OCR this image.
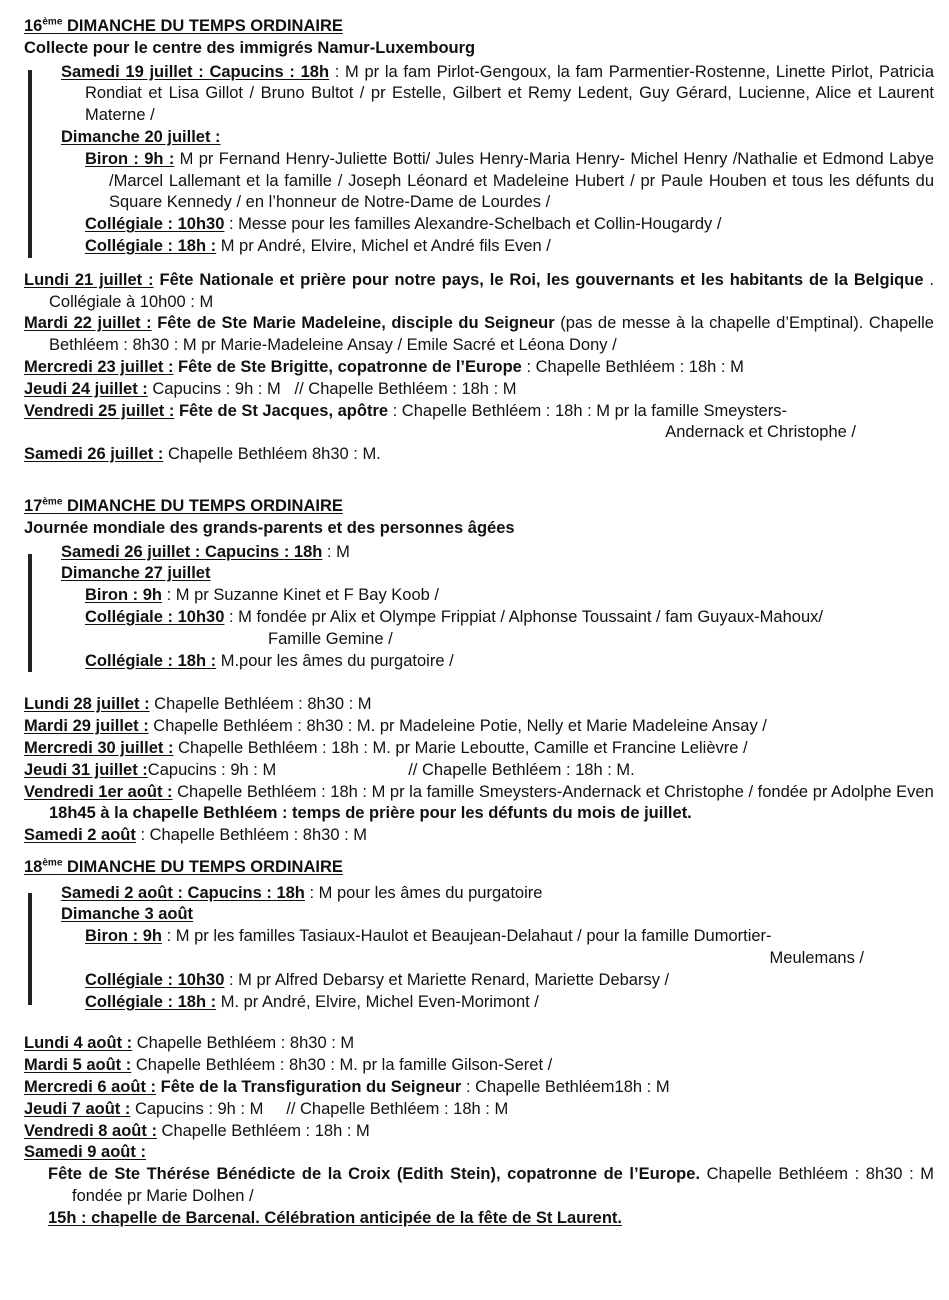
16ème DIMANCHE DU TEMPS ORDINAIRE
Collecte pour le centre des immigrés Namur-Luxembourg
Samedi 19 juillet : Capucins : 18h : M pr la fam Pirlot-Gengoux, la fam Parmentier-Rostenne, Linette Pirlot, Patricia Rondiat et Lisa Gillot / Bruno Bultot / pr Estelle, Gilbert et Remy Ledent, Guy Gérard, Lucienne, Alice et Laurent Materne /
Dimanche 20 juillet :
Biron : 9h : M pr Fernand Henry-Juliette Botti/ Jules Henry-Maria Henry- Michel Henry /Nathalie et Edmond Labye /Marcel Lallemant et la famille / Joseph Léonard et Madeleine Hubert / pr Paule Houben et tous les défunts du Square Kennedy / en l’honneur de Notre-Dame de Lourdes /
Collégiale : 10h30 : Messe pour les familles Alexandre-Schelbach et Collin-Hougardy /
Collégiale : 18h : M pr André, Elvire, Michel et André fils Even /
Lundi 21 juillet : Fête Nationale et prière pour notre pays, le Roi, les gouvernants et les habitants de la Belgique . Collégiale à 10h00 : M
Mardi 22 juillet : Fête de Ste Marie Madeleine, disciple du Seigneur (pas de messe à la chapelle d’Emptinal). Chapelle Bethléem : 8h30 : M pr Marie-Madeleine Ansay / Emile Sacré et Léona Dony /
Mercredi 23 juillet : Fête de Ste Brigitte, copatronne de l’Europe : Chapelle Bethléem : 18h : M
Jeudi 24 juillet : Capucins : 9h : M   // Chapelle Bethléem : 18h : M
Vendredi 25 juillet : Fête de St Jacques, apôtre : Chapelle Bethléem : 18h : M pr la famille Smeysters-
Andernack et Christophe /
Samedi 26 juillet : Chapelle Bethléem 8h30 : M.
17ème DIMANCHE DU TEMPS ORDINAIRE
Journée mondiale des grands-parents et des personnes âgées
Samedi 26 juillet : Capucins : 18h : M
Dimanche 27 juillet
Biron : 9h : M pr Suzanne Kinet et F Bay Koob /
Collégiale : 10h30 : M fondée pr Alix et Olympe Frippiat / Alphonse Toussaint / fam Guyaux-Mahoux/
Famille Gemine /
Collégiale : 18h : M.pour les âmes du purgatoire /
Lundi 28 juillet : Chapelle Bethléem : 8h30 : M
Mardi 29 juillet : Chapelle Bethléem : 8h30 : M. pr Madeleine Potie, Nelly et Marie Madeleine Ansay /
Mercredi 30 juillet : Chapelle Bethléem : 18h : M. pr Marie Leboutte, Camille et Francine Lelièvre /
Jeudi 31 juillet :Capucins : 9h : M	// Chapelle Bethléem : 18h : M.
Vendredi 1er août : Chapelle Bethléem : 18h : M pr la famille Smeysters-Andernack et Christophe / fondée pr Adolphe Even
18h45 à la chapelle Bethléem : temps de prière pour les défunts du mois de juillet.
Samedi 2 août : Chapelle Bethléem : 8h30 : M
18ème DIMANCHE DU TEMPS ORDINAIRE
Samedi 2 août : Capucins : 18h : M pour les âmes du purgatoire
Dimanche 3 août
Biron : 9h : M pr les familles Tasiaux-Haulot et Beaujean-Delahaut / pour la famille Dumortier-
Meulemans /
Collégiale : 10h30 : M pr Alfred Debarsy et Mariette Renard, Mariette Debarsy /
Collégiale : 18h : M. pr André, Elvire, Michel Even-Morimont /
Lundi 4 août : Chapelle Bethléem : 8h30 : M
Mardi 5 août : Chapelle Bethléem : 8h30 : M. pr la famille Gilson-Seret /
Mercredi 6 août : Fête de la Transfiguration du Seigneur : Chapelle Bethléem18h : M
Jeudi 7 août : Capucins : 9h : M     // Chapelle Bethléem : 18h : M
Vendredi 8 août : Chapelle Bethléem : 18h : M
Samedi 9 août :
Fête de Ste Thérése Bénédicte de la Croix (Edith Stein), copatronne de l’Europe. Chapelle Bethléem : 8h30 : M fondée pr Marie Dolhen /
15h : chapelle de Barcenal. Célébration anticipée de la fête de St Laurent.
